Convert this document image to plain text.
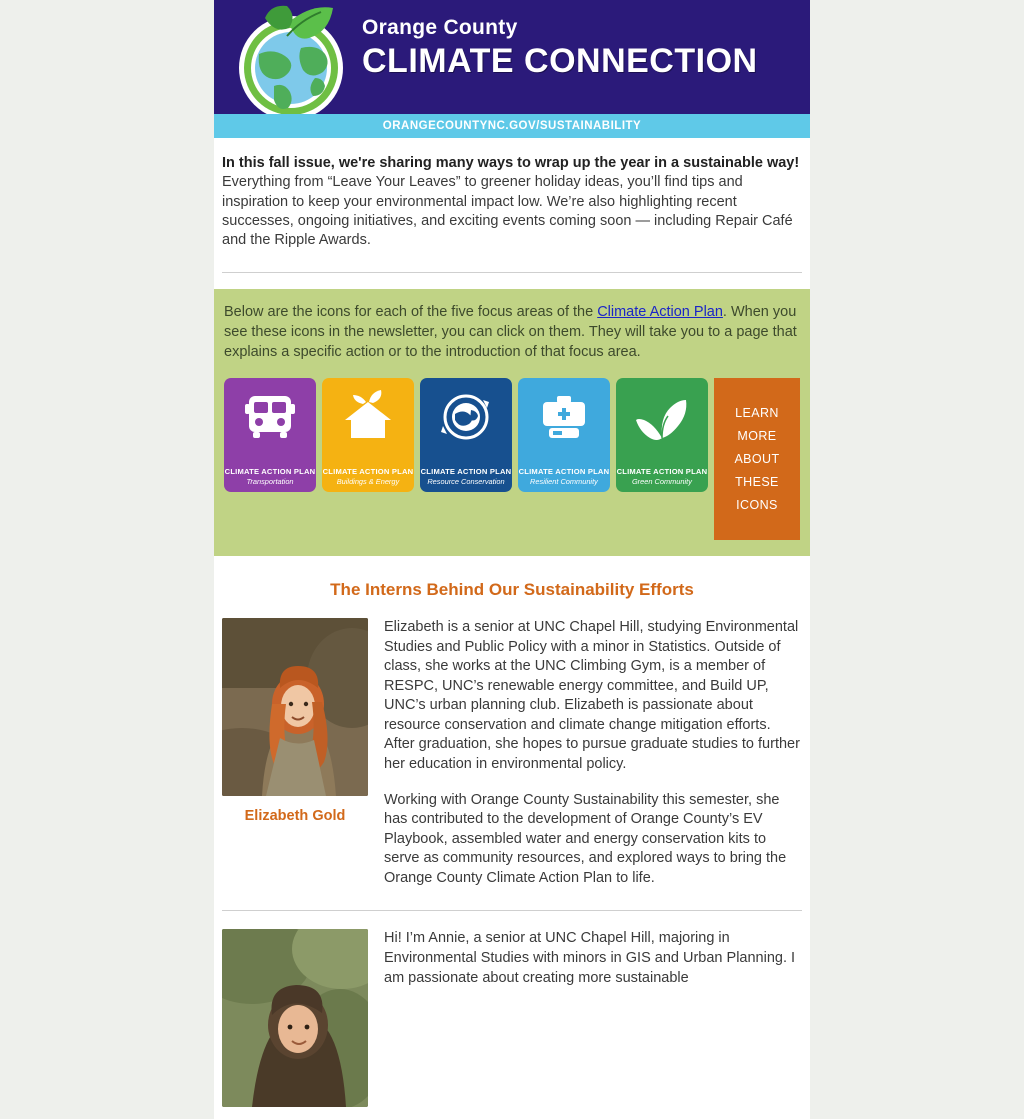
Orange County
CLIMATE CONNECTION
ORANGECOUNTYNC.GOV/SUSTAINABILITY
In this fall issue, we're sharing many ways to wrap up the year in a sustainable way! Everything from “Leave Your Leaves” to greener holiday ideas, you’ll find tips and inspiration to keep your environmental impact low. We’re also highlighting recent successes, ongoing initiatives, and exciting events coming soon — including Repair Café and the Ripple Awards.
Below are the icons for each of the five focus areas of the Climate Action Plan. When you see these icons in the newsletter, you can click on them. They will take you to a page that explains a specific action or to the introduction of that focus area.
CLIMATE ACTION PLAN
Transportation
CLIMATE ACTION PLAN
Buildings & Energy
CLIMATE ACTION PLAN
Resource Conservation
CLIMATE ACTION PLAN
Resilient Community
CLIMATE ACTION PLAN
Green Community
LEARN
MORE
ABOUT
THESE
ICONS
The Interns Behind Our Sustainability Efforts
Elizabeth Gold

Elizabeth is a senior at UNC Chapel Hill, studying Environmental Studies and Public Policy with a minor in Statistics. Outside of class, she works at the UNC Climbing Gym, is a member of RESPC, UNC’s renewable energy committee, and Build UP, UNC’s urban planning club. Elizabeth is passionate about resource conservation and climate change mitigation efforts. After graduation, she hopes to pursue graduate studies to further her education in environmental policy.

Working with Orange County Sustainability this semester, she has contributed to the development of Orange County’s EV Playbook, assembled water and energy conservation kits to serve as community resources, and explored ways to bring the Orange County Climate Action Plan to life.

Hi! I’m Annie, a senior at UNC Chapel Hill, majoring in Environmental Studies with minors in GIS and Urban Planning. I am passionate about creating more sustainable
